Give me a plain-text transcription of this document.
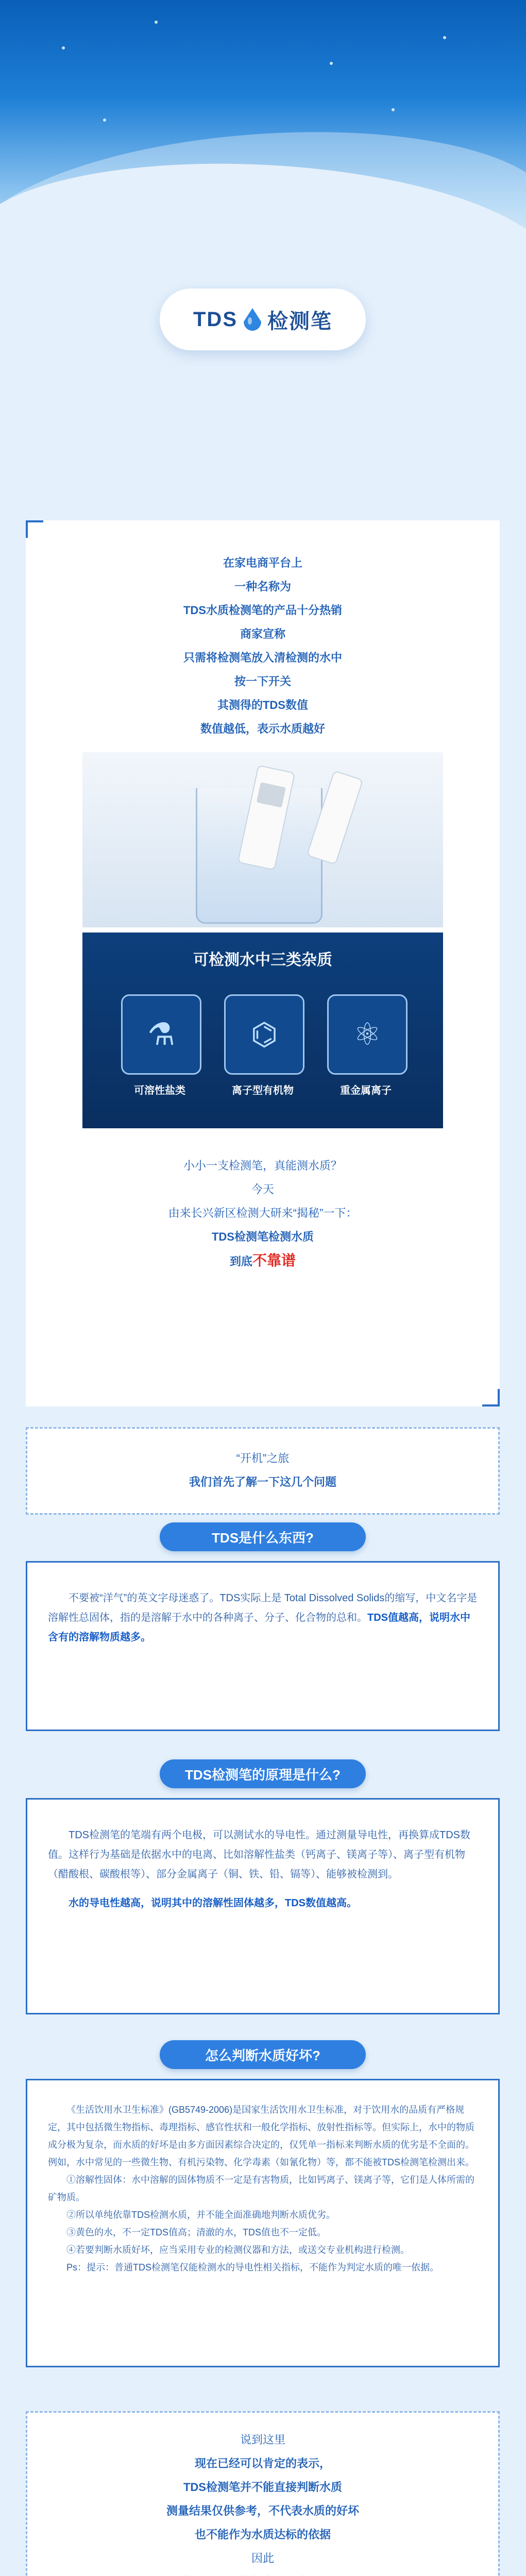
TDS 检测笔
在家电商平台上
一种名称为
TDS水质检测笔的产品十分热销
商家宣称
只需将检测笔放入清检测的水中
按一下开关
其测得的TDS数值
数值越低，表示水质越好
可检测水中三类杂质
⚗	⌬	⚛
可溶性盐类	离子型有机物	重金属离子
小小一支检测笔，真能测水质？
今天
由来长兴新区检测大研来“揭秘”一下：
TDS检测笔检测水质
到底不靠谱
“开机”之旅
我们首先了解一下这几个问题
TDS是什么东西?

不要被“洋气”的英文字母迷惑了。TDS实际上是 Total Dissolved Solids的缩写，中文名字是溶解性总固体，指的是溶解于水中的各种离子、分子、化合物的总和。TDS值越高，说明水中含有的溶解物质越多。

TDS检测笔的原理是什么?

TDS检测笔的笔端有两个电极，可以测试水的导电性。通过测量导电性，再换算成TDS数值。这样行为基础是依据水中的电离、比如溶解性盐类（钙离子、镁离子等）、离子型有机物（醋酸根、碳酸根等）、部分金属离子（铜、铁、铅、镉等）、能够被检测到。

水的导电性越高，说明其中的溶解性固体越多，TDS数值越高。

怎么判断水质好坏?

《生活饮用水卫生标准》(GB5749-2006)是国家生活饮用水卫生标准，对于饮用水的品质有严格规定，其中包括微生物指标、毒理指标、感官性状和一般化学指标、放射性指标等。但实际上，水中的物质成分极为复杂，而水质的好坏是由多方面因素综合决定的，仅凭单一指标来判断水质的优劣是不全面的。例如，水中常见的一些微生物、有机污染物、化学毒素（如氰化物）等，都不能被TDS检测笔检测出来。

①溶解性固体：水中溶解的固体物质不一定是有害物质，比如钙离子、镁离子等，它们是人体所需的矿物质。

②所以单纯依靠TDS检测水质，并不能全面准确地判断水质优劣。

③黄色的水，不一定TDS值高；清澈的水，TDS值也不一定低。

④若要判断水质好坏，应当采用专业的检测仪器和方法，或送交专业机构进行检测。

Ps：提示：普通TDS检测笔仅能检测水的导电性相关指标，不能作为判定水质的唯一依据。

说到这里
现在已经可以肯定的表示，
TDS检测笔并不能直接判断水质
测量结果仅供参考，不代表水质的好坏
也不能作为水质达标的依据
因此
